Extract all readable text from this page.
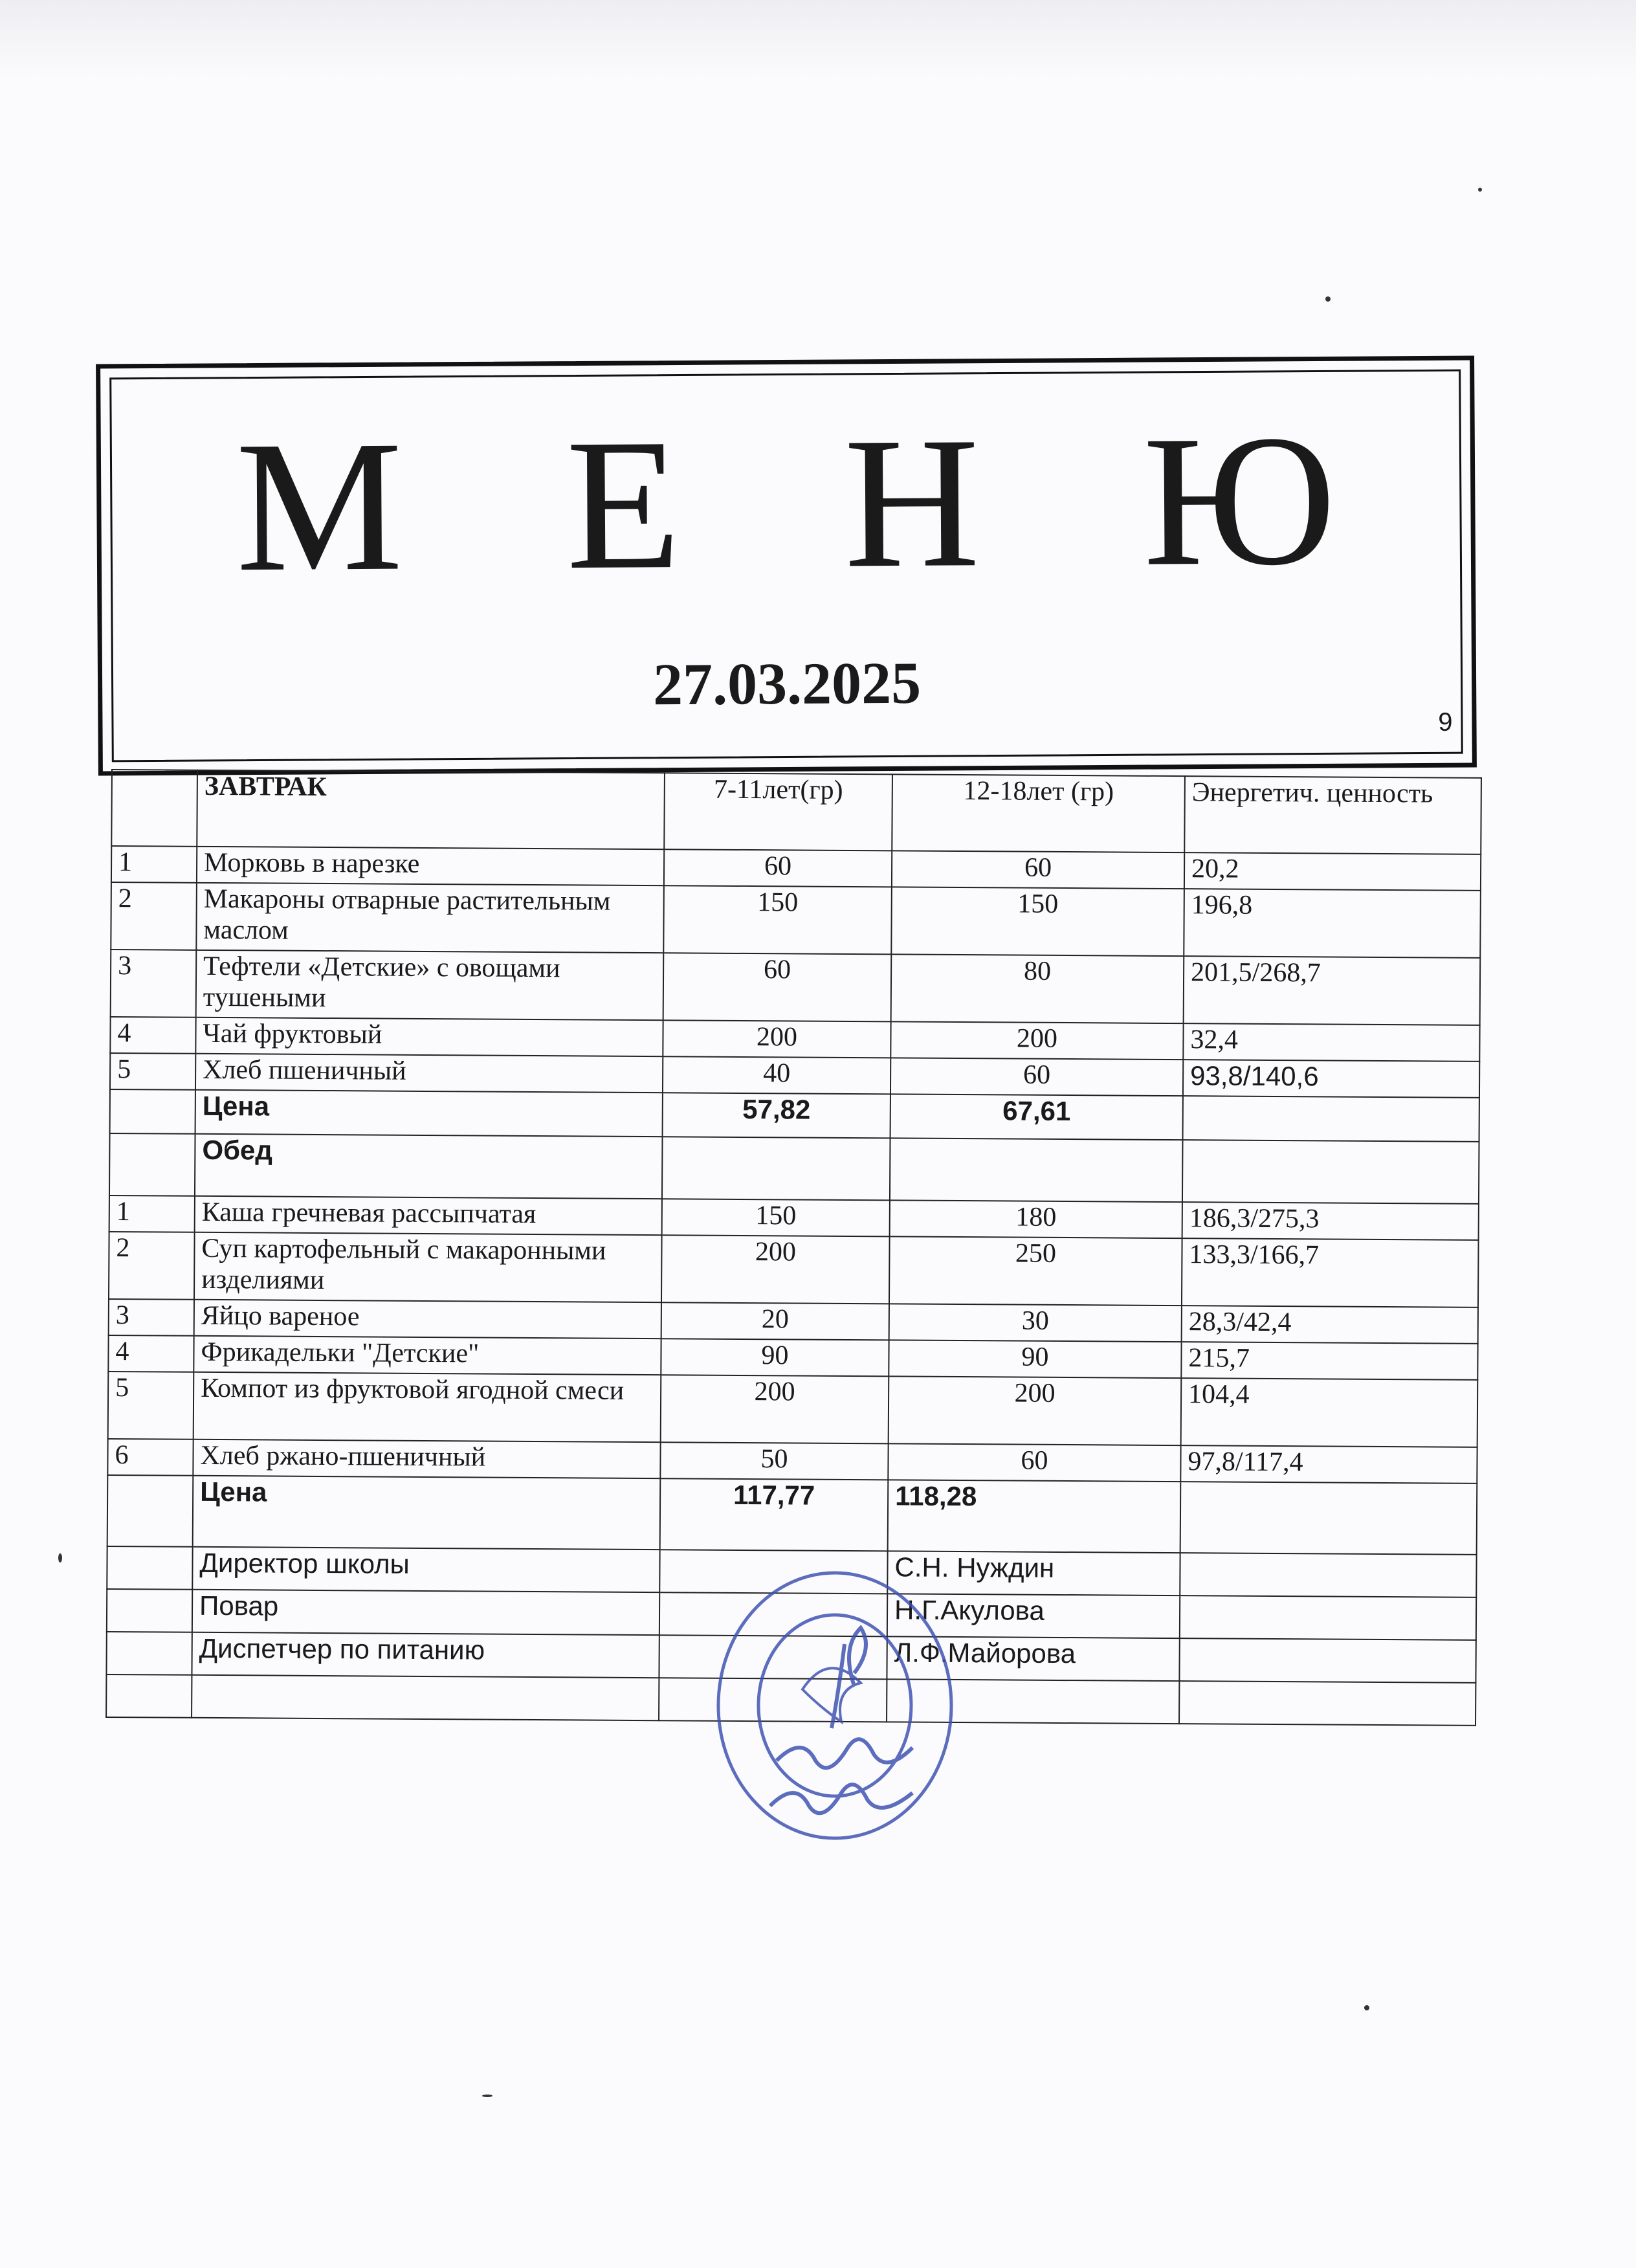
М Е Н Ю
27.03.2025
9
	ЗАВТРАК	7-11лет(гр)	12-18лет (гр)	Энергетич. ценность
1	Морковь в нарезке	60	60	20,2
2	Макароны отварные растительным маслом	150	150	196,8
3	Тефтели «Детские» с овощами тушеными	60	80	201,5/268,7
4	Чай фруктовый	200	200	32,4
5	Хлеб пшеничный	40	60	93,8/140,6
	Цена	57,82	67,61	
	Обед			
1	Каша гречневая рассыпчатая	150	180	186,3/275,3
2	Суп картофельный с макаронными изделиями	200	250	133,3/166,7
3	Яйцо вареное	20	30	28,3/42,4
4	Фрикадельки "Детские"	90	90	215,7
5	Компот из фруктовой ягодной смеси	200	200	104,4
6	Хлеб ржано-пшеничный	50	60	97,8/117,4
	Цена	117,77	118,28	
	Директор школы		С.Н. Нуждин	
	Повар		Н.Г.Акулова	
	Диспетчер по питанию		Л.Ф.Майорова	
